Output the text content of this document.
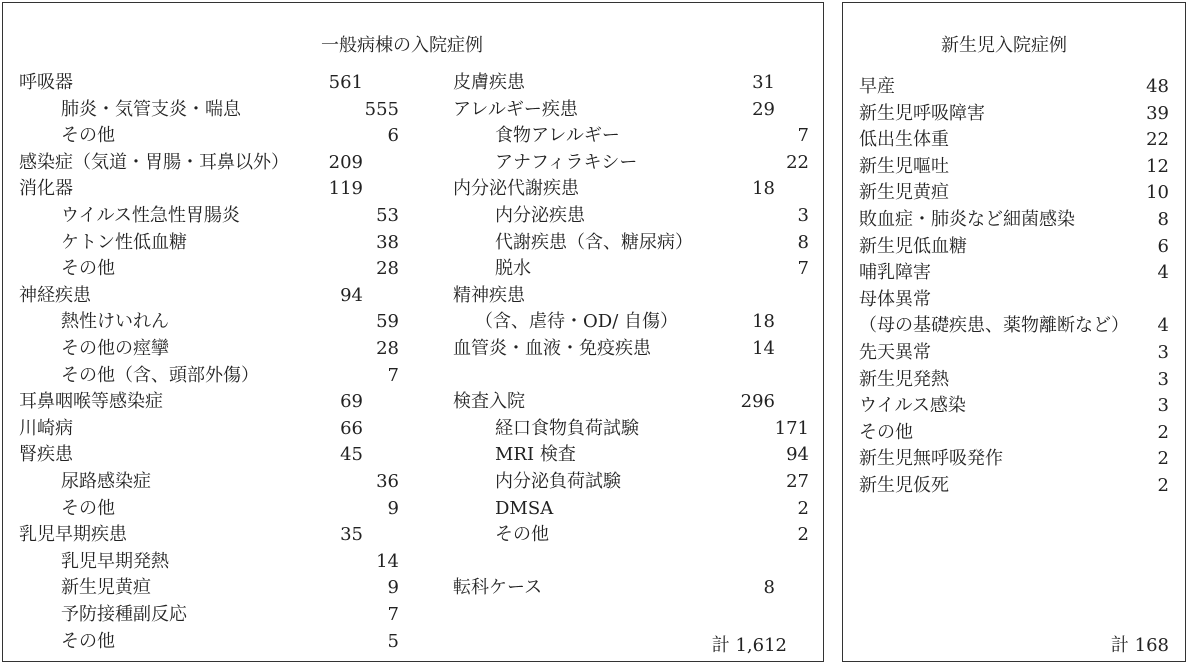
一般病棟の入院症例
呼吸器	561
肺炎・気管支炎・喘息	555
その他	6
感染症（気道・胃腸・耳鼻以外） 209
消化器	119
ウイルス性急性胃腸炎	53
ケトン性低血糖	38
その他	28
神経疾患	94
熱性けいれん	59
その他の痙攣	28
その他（含、頭部外傷）	7
耳鼻咽喉等感染症	69
川崎病	66
腎疾患	45
尿路感染症	36
その他	9
乳児早期疾患	35
乳児早期発熱	14
新生児黄疸	9
予防接種副反応	7
その他	5
皮膚疾患	31
アレルギー疾患	29
食物アレルギー	7
アナフィラキシー	22
内分泌代謝疾患	18
内分泌疾患	3
代謝疾患（含、糖尿病）	8
脱水	7
精神疾患
（含、虐待・OD/ 自傷）	18
血管炎・血液・免疫疾患	14
検査入院	296
経口食物負荷試験	171
MRI 検査	94
内分泌負荷試験	27
DMSA	2
その他	2
転科ケース	8
計 1,612
新生児入院症例
早産	48
新生児呼吸障害	39
低出生体重	22
新生児嘔吐	12
新生児黄疸	10
敗血症・肺炎など細菌感染	8
新生児低血糖	6
哺乳障害	4
母体異常
（母の基礎疾患、薬物離断など） 4
先天異常	3
新生児発熱	3
ウイルス感染	3
その他	2
新生児無呼吸発作	2
新生児仮死	2
計 168
